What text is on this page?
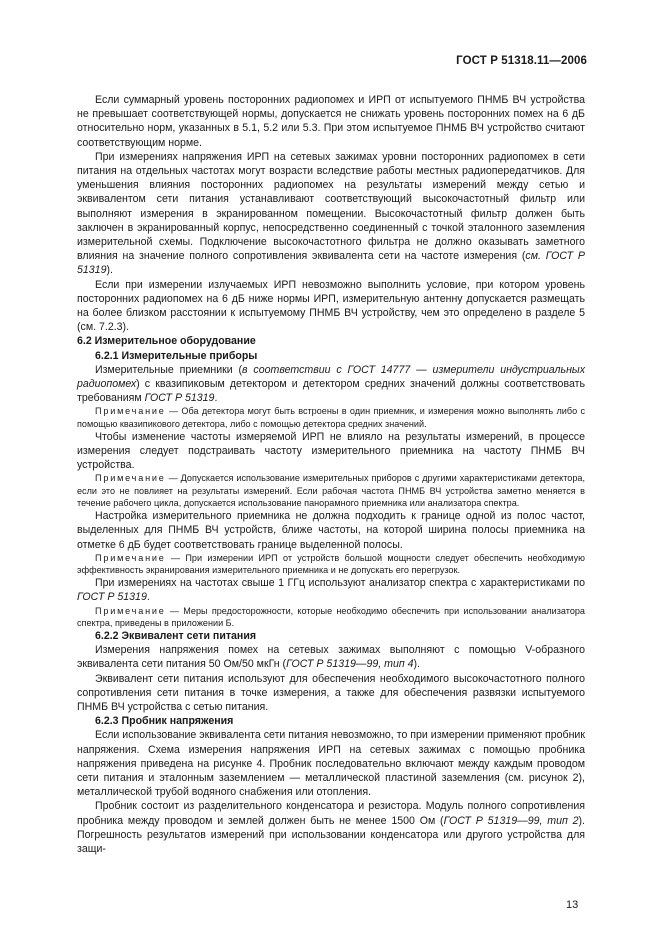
ГОСТ Р 51318.11—2006

Если суммарный уровень посторонних радиопомех и ИРП от испытуемого ПНМБ ВЧ устройства не превышает соответствующей нормы, допускается не снижать уровень посторонних помех на 6 дБ относительно норм, указанных в 5.1, 5.2 или 5.3. При этом испытуемое ПНМБ ВЧ устройство считают соответствующим норме.

При измерениях напряжения ИРП на сетевых зажимах уровни посторонних радиопомех в сети питания на отдельных частотах могут возрасти вследствие работы местных радиопередатчиков. Для уменьшения влияния посторонних радиопомех на результаты измерений между сетью и эквивалентом сети питания устанавливают соответствующий высокочастотный фильтр или выполняют измерения в экранированном помещении. Высокочастотный фильтр должен быть заключен в экранированный корпус, непосредственно соединенный с точкой эталонного заземления измерительной схемы. Подключение высокочастотного фильтра не должно оказывать заметного влияния на значение полного сопротивления эквивалента сети на частоте измерения (см. ГОСТ Р 51319).

Если при измерении излучаемых ИРП невозможно выполнить условие, при котором уровень посторонних радиопомех на 6 дБ ниже нормы ИРП, измерительную антенну допускается размещать на более близком расстоянии к испытуемому ПНМБ ВЧ устройству, чем это определено в разделе 5 (см. 7.2.3).

6.2 Измерительное оборудование

6.2.1 Измерительные приборы

Измерительные приемники (в соответствии с ГОСТ 14777 — измерители индустриальных радиопомех) с квазипиковым детектором и детектором средних значений должны соответствовать требованиям ГОСТ Р 51319.

Примечание — Оба детектора могут быть встроены в один приемник, и измерения можно выполнять либо с помощью квазипикового детектора, либо с помощью детектора средних значений.

Чтобы изменение частоты измеряемой ИРП не влияло на результаты измерений, в процессе измерения следует подстраивать частоту измерительного приемника на частоту ПНМБ ВЧ устройства.

Примечание — Допускается использование измерительных приборов с другими характеристиками детектора, если это не повлияет на результаты измерений. Если рабочая частота ПНМБ ВЧ устройства заметно меняется в течение рабочего цикла, допускается использование панорамного приемника или анализатора спектра.

Настройка измерительного приемника не должна подходить к границе одной из полос частот, выделенных для ПНМБ ВЧ устройств, ближе частоты, на которой ширина полосы приемника на отметке 6 дБ будет соответствовать границе выделенной полосы.

Примечание — При измерении ИРП от устройств большой мощности следует обеспечить необходимую эффективность экранирования измерительного приемника и не допускать его перегрузок.

При измерениях на частотах свыше 1 ГГц используют анализатор спектра с характеристиками по ГОСТ Р 51319.

Примечание — Меры предосторожности, которые необходимо обеспечить при использовании анализатора спектра, приведены в приложении Б.

6.2.2 Эквивалент сети питания

Измерения напряжения помех на сетевых зажимах выполняют с помощью V-образного эквивалента сети питания 50 Ом/50 мкГн (ГОСТ Р 51319—99, тип 4).

Эквивалент сети питания используют для обеспечения необходимого высокочастотного полного сопротивления сети питания в точке измерения, а также для обеспечения развязки испытуемого ПНМБ ВЧ устройства с сетью питания.

6.2.3 Пробник напряжения

Если использование эквивалента сети питания невозможно, то при измерении применяют пробник напряжения. Схема измерения напряжения ИРП на сетевых зажимах с помощью пробника напряжения приведена на рисунке 4. Пробник последовательно включают между каждым проводом сети питания и эталонным заземлением — металлической пластиной заземления (см. рисунок 2), металлической трубой водяного снабжения или отопления.

Пробник состоит из разделительного конденсатора и резистора. Модуль полного сопротивления пробника между проводом и землей должен быть не менее 1500 Ом (ГОСТ Р 51319—99, тип 2). Погрешность результатов измерений при использовании конденсатора или другого устройства для защи-

13
